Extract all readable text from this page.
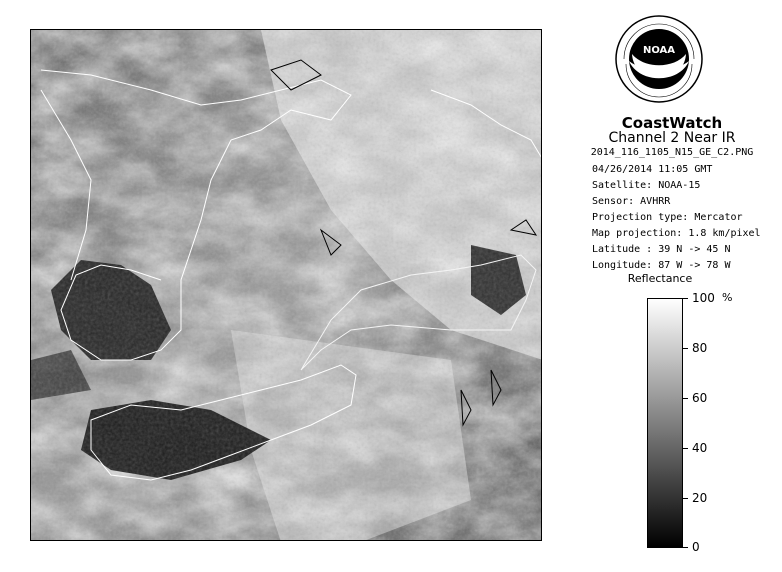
NOAA
CoastWatch
Channel 2 Near IR
2014_116_1105_N15_GE_C2.PNG
04/26/2014 11:05 GMT
Satellite: NOAA-15
Sensor: AVHRR
Projection type: Mercator
Map projection: 1.8 km/pixel
Latitude : 39 N -> 45 N
Longitude: 87 W -> 78 W
Reflectance
%
100
80
60
40
20
0
